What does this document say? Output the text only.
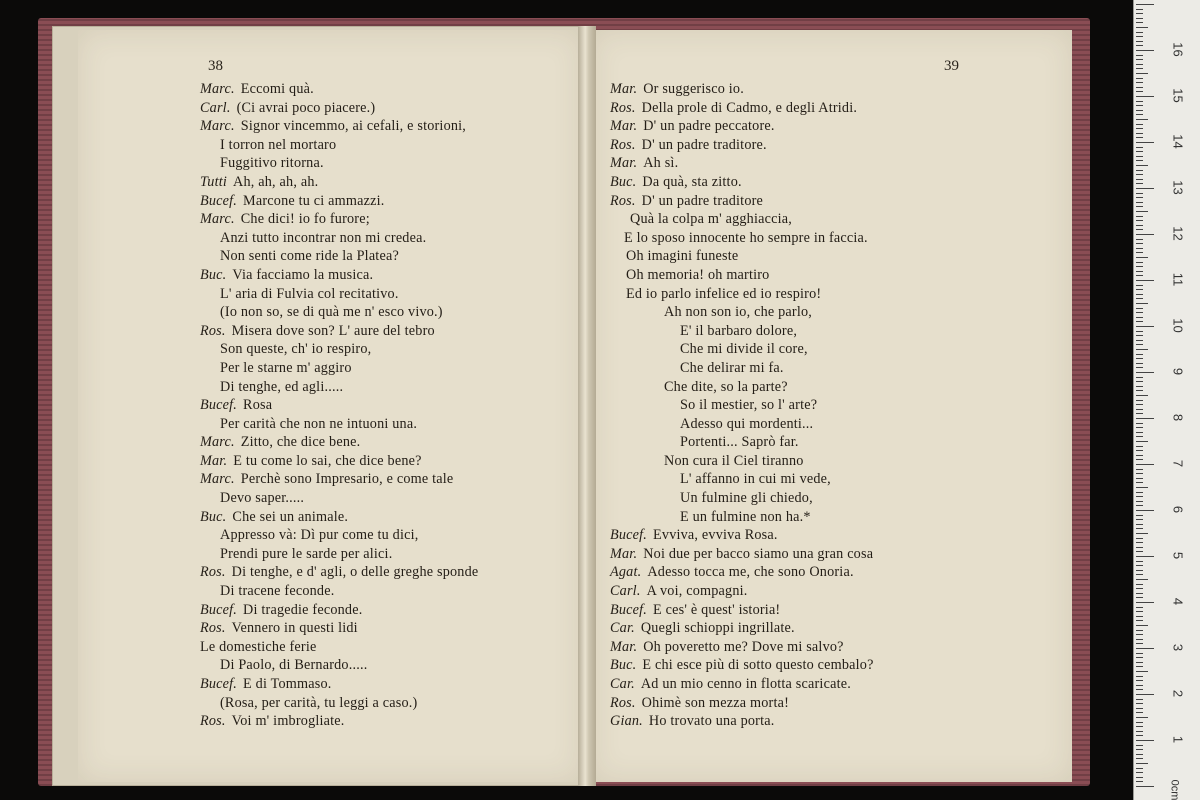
38	39
Marc. Eccomi quà.
Carl. (Ci avrai poco piacere.)
Marc. Signor vincemmo, ai cefali, e storioni,
I torron nel mortaro
Fuggitivo ritorna.
Tutti Ah, ah, ah, ah.
Bucef. Marcone tu ci ammazzi.
Marc. Che dici! io fo furore;
Anzi tutto incontrar non mi credea.
Non senti come ride la Platea?
Buc. Via facciamo la musica.
L' aria di Fulvia col recitativo.
(Io non so, se di quà me n' esco vivo.)
Ros. Misera dove son? L' aure del tebro
Son queste, ch' io respiro,
Per le starne m' aggiro
Di tenghe, ed agli.....
Bucef. Rosa
Per carità che non ne intuoni una.
Marc. Zitto, che dice bene.
Mar. E tu come lo sai, che dice bene?
Marc. Perchè sono Impresario, e come tale
Devo saper.....
Buc. Che sei un animale.
Appresso và: Dì pur come tu dici,
Prendi pure le sarde per alici.
Ros. Di tenghe, e d' agli, o delle greghe sponde
Di tracene feconde.
Bucef. Di tragedie feconde.
Ros. Vennero in questi lidi
Le domestiche ferie
Di Paolo, di Bernardo.....
Bucef. E di Tommaso.
(Rosa, per carità, tu leggi a caso.)
Ros. Voi m' imbrogliate.
Mar. Or suggerisco io.
Ros. Della prole di Cadmo, e degli Atridi.
Mar. D' un padre peccatore.
Ros. D' un padre traditore.
Mar. Ah sì.
Buc. Da quà, sta zitto.
Ros. D' un padre traditore
Quà la colpa m' agghiaccia,
E lo sposo innocente ho sempre in faccia.
Oh imagini funeste
Oh memoria! oh martiro
Ed io parlo infelice ed io respiro!
Ah non son io, che parlo,
E' il barbaro dolore,
Che mi divide il core,
Che delirar mi fa.
Che dite, so la parte?
So il mestier, so l' arte?
Adesso qui mordenti...
Portenti... Saprò far.
Non cura il Ciel tiranno
L' affanno in cui mi vede,
Un fulmine gli chiedo,
E un fulmine non ha.*
Bucef. Evviva, evviva Rosa.
Mar. Noi due per bacco siamo una gran cosa
Agat. Adesso tocca me, che sono Onoria.
Carl. A voi, compagni.
Bucef. E ces' è quest' istoria!
Car. Quegli schioppi ingrillate.
Mar. Oh poveretto me? Dove mi salvo?
Buc. E chi esce più di sotto questo cembalo?
Car. Ad un mio cenno in flotta scaricate.
Ros. Ohimè son mezza morta!
Gian. Ho trovato una porta.
1
2
3
4
5
6
7
8
9
10
11
12
13
14
15
16
0cm
